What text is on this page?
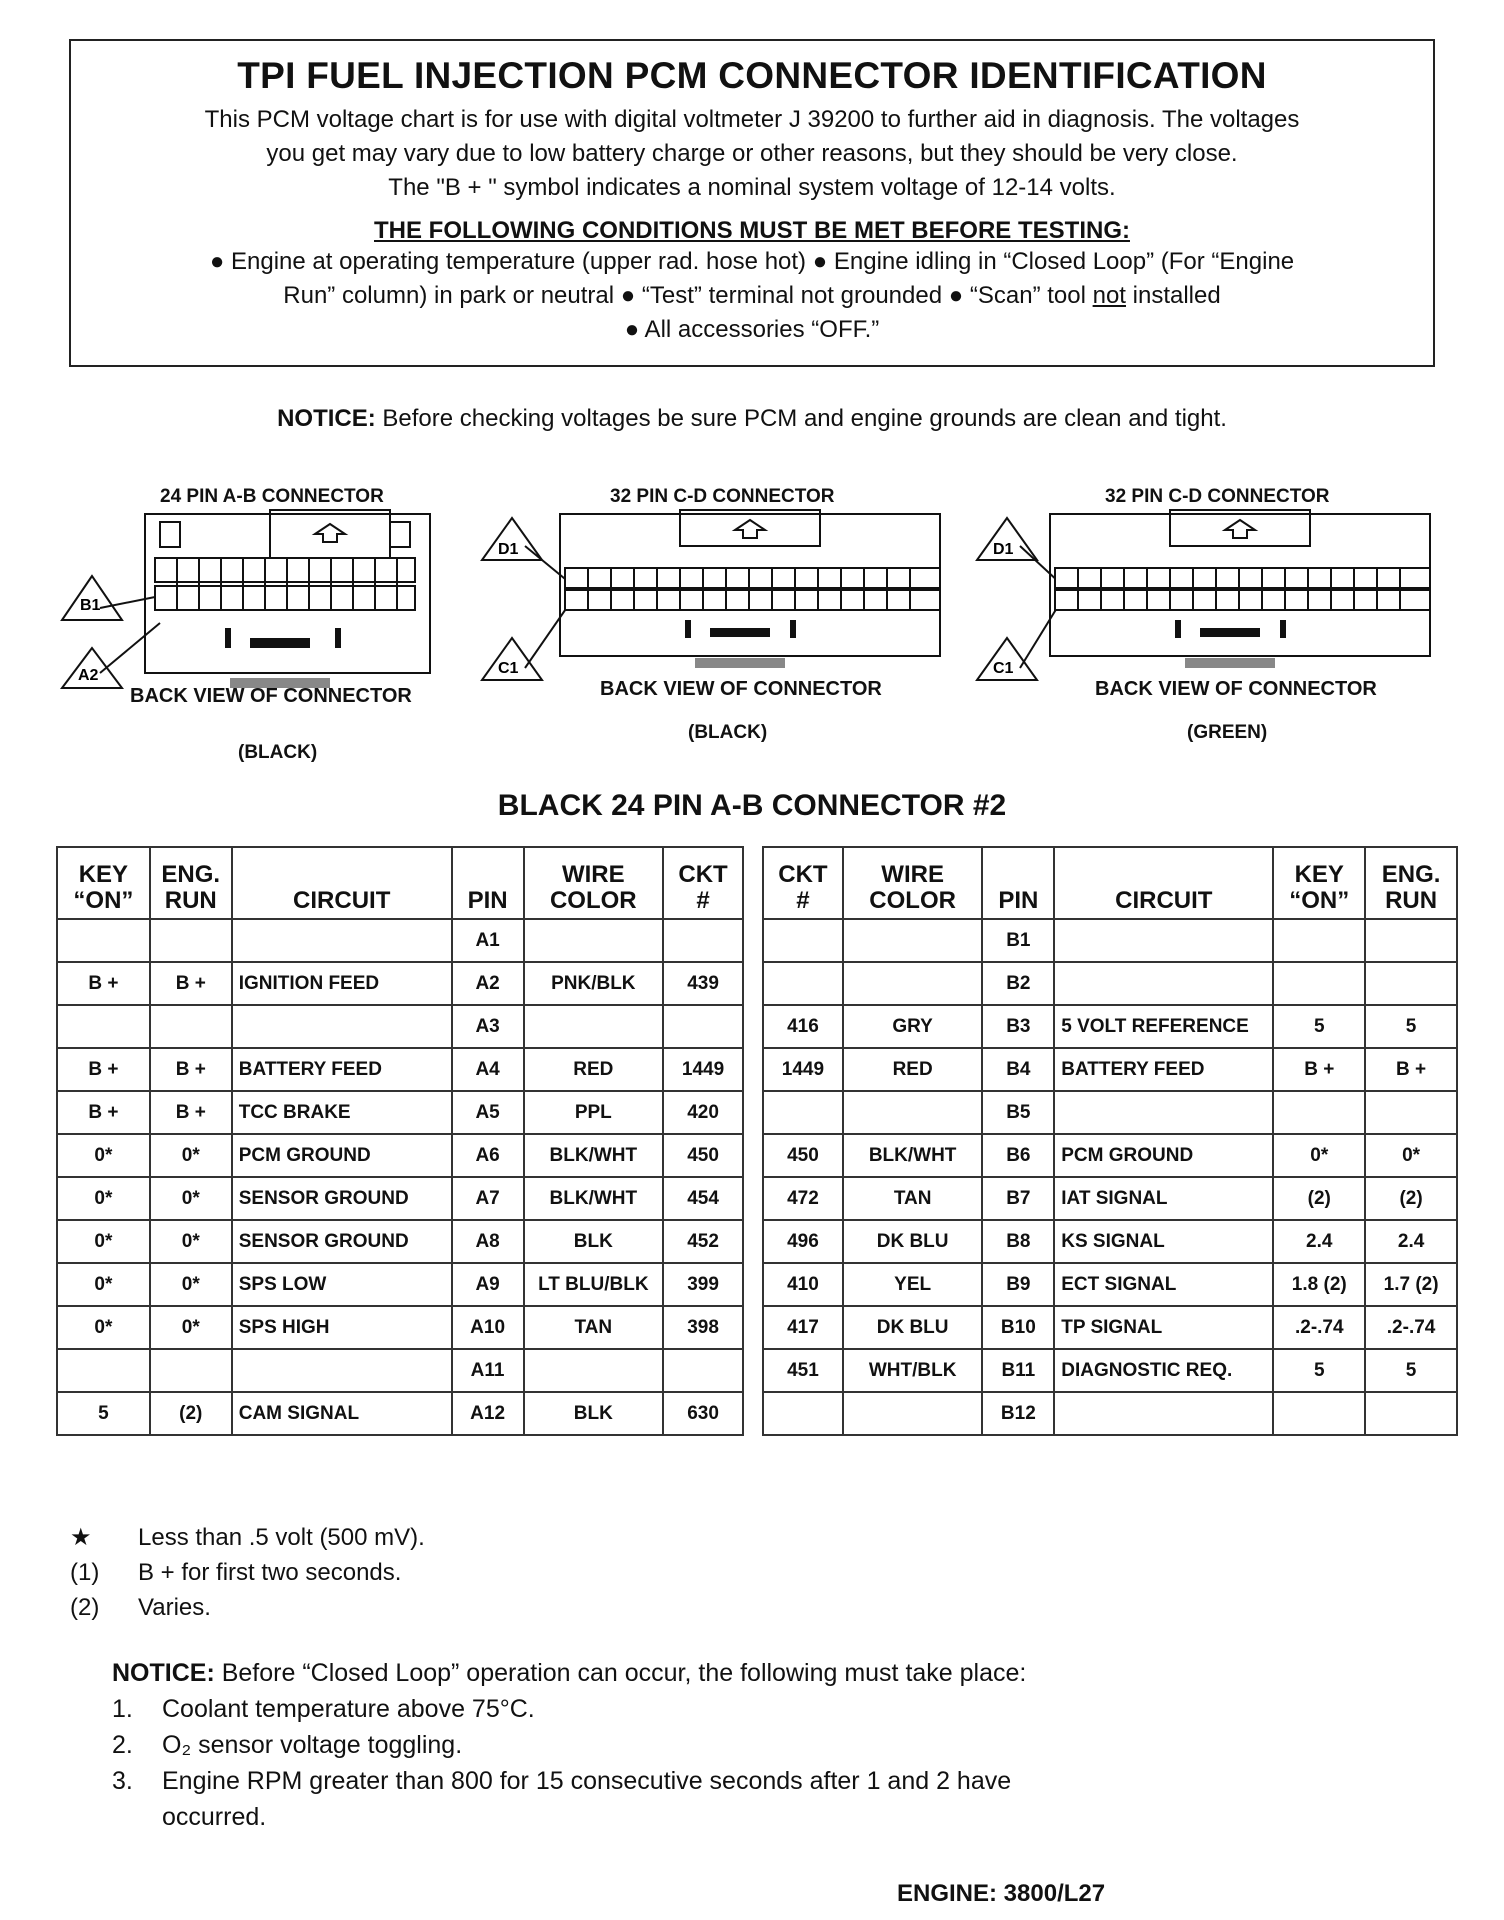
TPI FUEL INJECTION PCM CONNECTOR IDENTIFICATION
This PCM voltage chart is for use with digital voltmeter J 39200 to further aid in diagnosis. The voltages
you get may vary due to low battery charge or other reasons, but they should be very close.
The "B + " symbol indicates a nominal system voltage of 12-14 volts.
THE FOLLOWING CONDITIONS MUST BE MET BEFORE TESTING:
● Engine at operating temperature (upper rad. hose hot) ● Engine idling in “Closed Loop” (For “Engine
Run” column) in park or neutral ● “Test” terminal not grounded ● “Scan” tool not installed
● All accessories “OFF.”
NOTICE: Before checking voltages be sure PCM and engine grounds are clean and tight.
24 PIN A-B CONNECTOR
B1
A2
BACK VIEW OF CONNECTOR
(BLACK)
32 PIN C-D CONNECTOR
D1
C1
BACK VIEW OF CONNECTOR
(BLACK)
32 PIN C-D CONNECTOR
D1
C1
BACK VIEW OF CONNECTOR
(GREEN)
BLACK 24 PIN A-B CONNECTOR #2
KEY “ON”	ENG. RUN	CIRCUIT	PIN	WIRE COLOR	CKT #
			A1		
B +	B +	IGNITION FEED	A2	PNK/BLK	439
			A3		
B +	B +	BATTERY FEED	A4	RED	1449
B +	B +	TCC BRAKE	A5	PPL	420
0*	0*	PCM GROUND	A6	BLK/WHT	450
0*	0*	SENSOR GROUND	A7	BLK/WHT	454
0*	0*	SENSOR GROUND	A8	BLK	452
0*	0*	SPS LOW	A9	LT BLU/BLK	399
0*	0*	SPS HIGH	A10	TAN	398
			A11		
5	(2)	CAM SIGNAL	A12	BLK	630
CKT #	WIRE COLOR	PIN	CIRCUIT	KEY “ON”	ENG. RUN
		B1			
		B2			
416	GRY	B3	5 VOLT REFERENCE	5	5
1449	RED	B4	BATTERY FEED	B +	B +
		B5			
450	BLK/WHT	B6	PCM GROUND	0*	0*
472	TAN	B7	IAT SIGNAL	(2)	(2)
496	DK BLU	B8	KS SIGNAL	2.4	2.4
410	YEL	B9	ECT SIGNAL	1.8 (2)	1.7 (2)
417	DK BLU	B10	TP SIGNAL	.2-.74	.2-.74
451	WHT/BLK	B11	DIAGNOSTIC REQ.	5	5
		B12			
★	Less than .5 volt (500 mV).
(1)	B + for first two seconds.
(2)	Varies.
NOTICE: Before “Closed Loop” operation can occur, the following must take place:
1.	Coolant temperature above 75°C.
2.	O₂ sensor voltage toggling.
3.	Engine RPM greater than 800 for 15 consecutive seconds after 1 and 2 have
occurred.
ENGINE: 3800/L27
